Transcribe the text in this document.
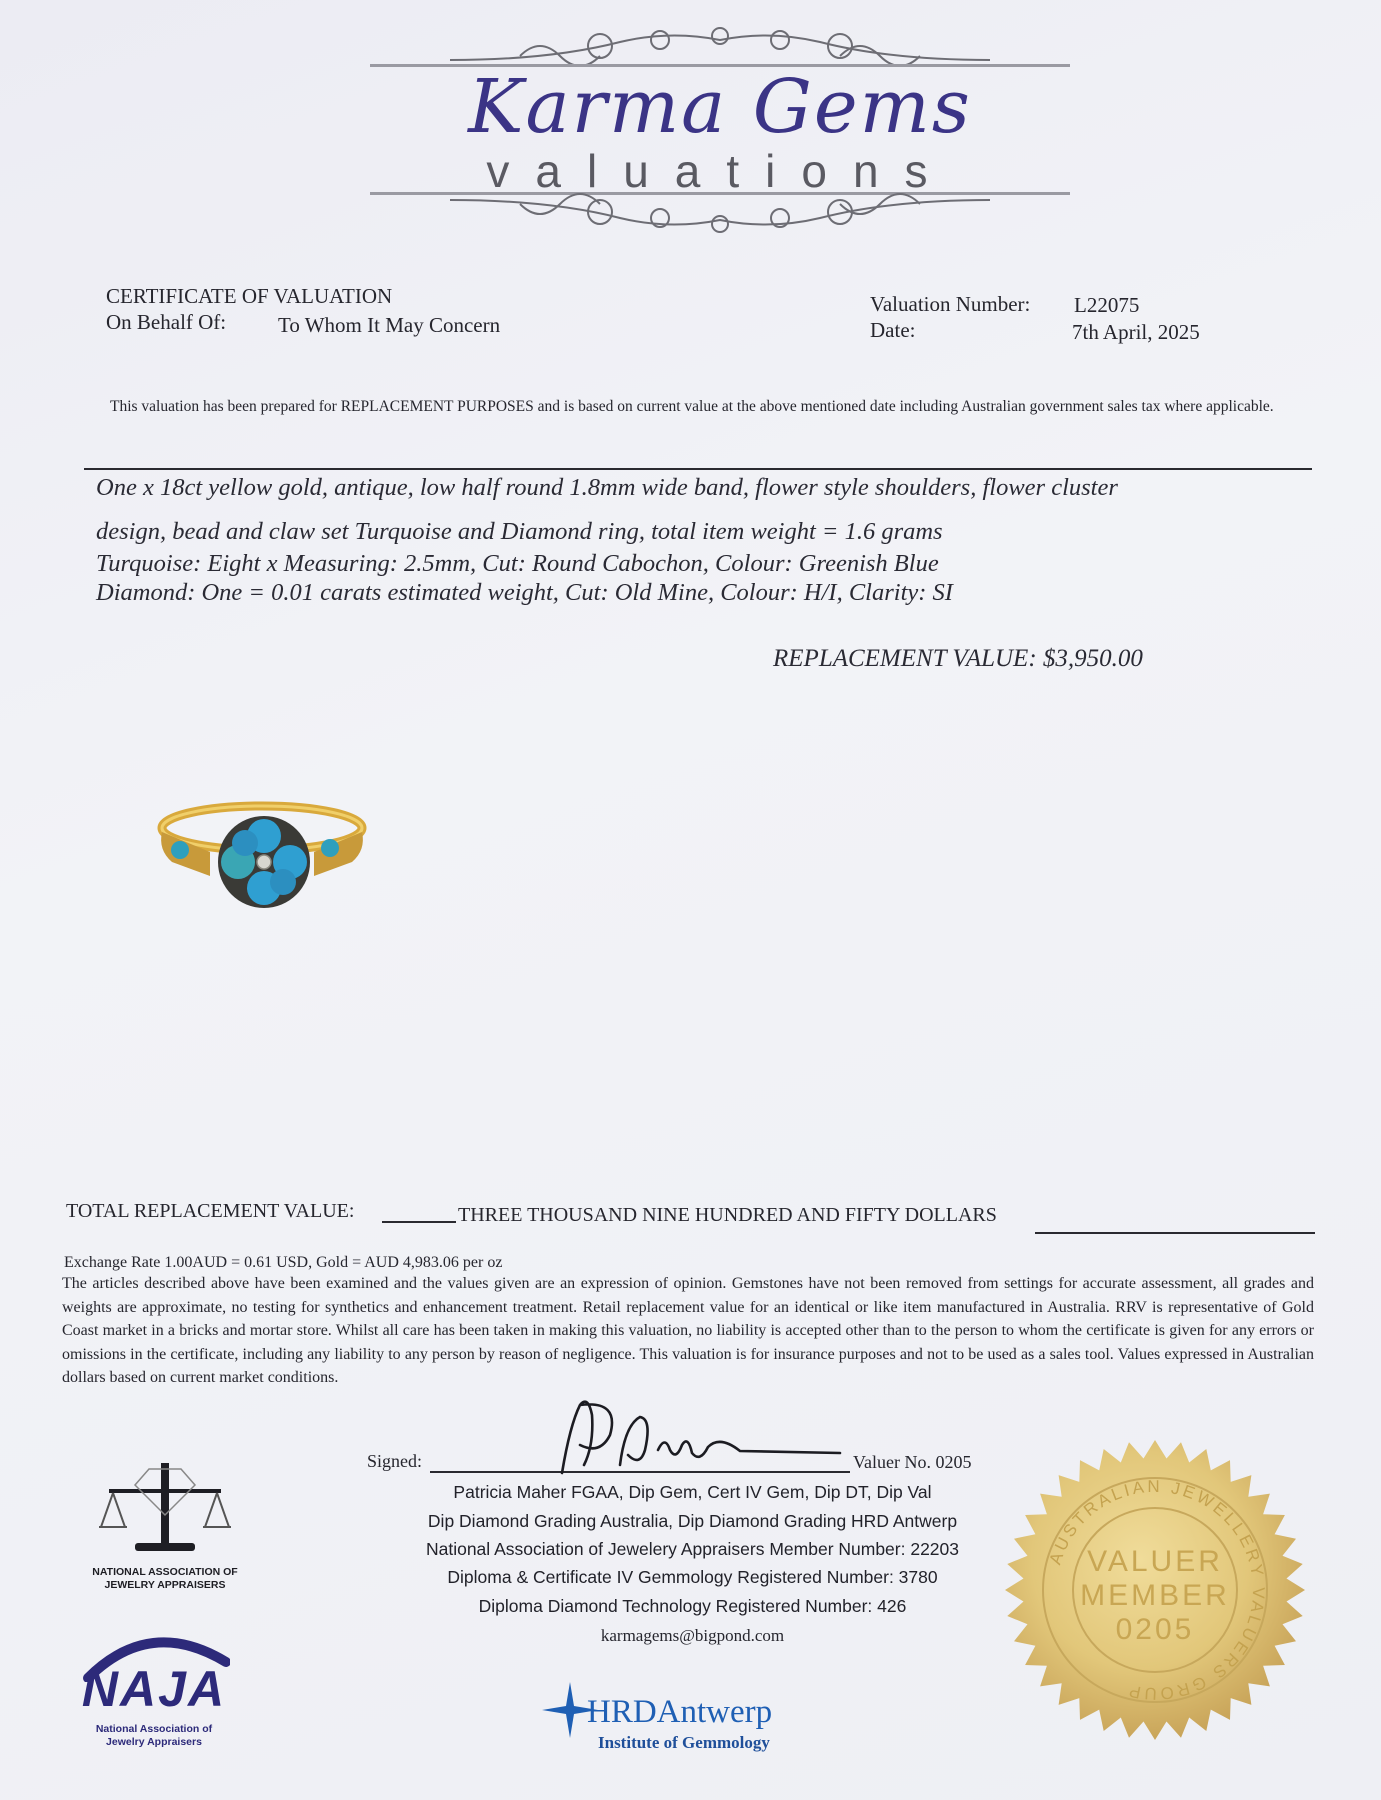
Karma Gems
valuations
CERTIFICATE OF VALUATION
On Behalf Of: To Whom It May Concern
Valuation Number: L22075
Date:	7th April, 2025
This valuation has been prepared for REPLACEMENT PURPOSES and is based on current value at the above mentioned date including Australian government sales tax where applicable.
One x 18ct yellow gold, antique, low half round 1.8mm wide band, flower style shoulders, flower cluster
design, bead and claw set Turquoise and Diamond ring, total item weight = 1.6 grams
Turquoise: Eight x Measuring: 2.5mm, Cut: Round Cabochon, Colour: Greenish Blue
Diamond: One = 0.01 carats estimated weight, Cut: Old Mine, Colour: H/I, Clarity: SI
REPLACEMENT VALUE: $3,950.00
TOTAL REPLACEMENT VALUE:	THREE THOUSAND NINE HUNDRED AND FIFTY DOLLARS
Exchange Rate 1.00AUD = 0.61 USD, Gold = AUD 4,983.06 per oz
The articles described above have been examined and the values given are an expression of opinion. Gemstones have not been removed from settings for accurate assessment, all grades and weights are approximate, no testing for synthetics and enhancement treatment. Retail replacement value for an identical or like item manufactured in Australia. RRV is representative of Gold Coast market in a bricks and mortar store. Whilst all care has been taken in making this valuation, no liability is accepted other than to the person to whom the certificate is given for any errors or omissions in the certificate, including any liability to any person by reason of negligence. This valuation is for insurance purposes and not to be used as a sales tool. Values expressed in Australian dollars based on current market conditions.
Signed:	Valuer No. 0205
Patricia Maher FGAA, Dip Gem, Cert IV Gem, Dip DT, Dip Val
Dip Diamond Grading Australia, Dip Diamond Grading HRD Antwerp
National Association of Jewelery Appraisers Member Number: 22203
Diploma & Certificate IV Gemmology Registered Number: 3780
Diploma Diamond Technology Registered Number: 426
karmagems@bigpond.com
NATIONAL ASSOCIATION OF JEWELRY APPRAISERS
NAJA
National Association of Jewelry Appraisers
HRDAntwerp
Institute of Gemmology
AUSTRALIAN JEWELLERY VALUERS GROUP
VALUER
MEMBER
0205
